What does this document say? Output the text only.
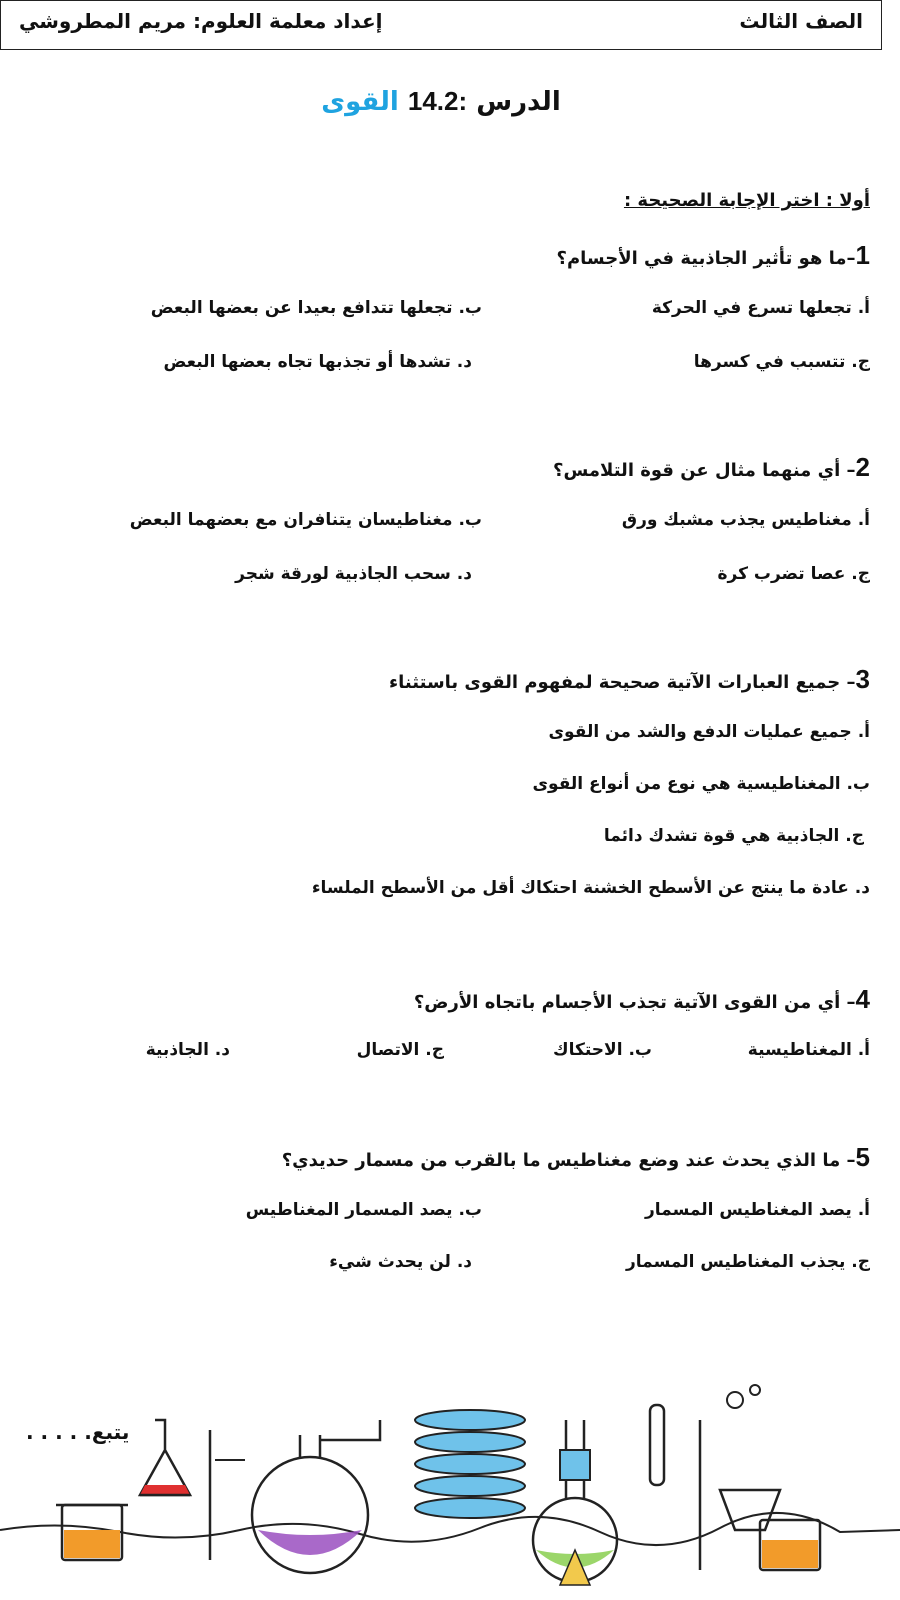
الصف الثالث
إعداد معلمة العلوم: مريم المطروشي
الدرس 14.2: القوى
أولا : اختر الإجابة الصحيحة :
1–ما هو تأثير الجاذبية في الأجسام؟
أ. تجعلها تسرع في الحركة
ب. تجعلها تتدافع بعيدا عن بعضها البعض
ج. تتسبب في كسرها
د. تشدها أو تجذبها تجاه بعضها البعض
2– أي منهما مثال عن قوة التلامس؟
أ. مغناطيس يجذب مشبك ورق
ب. مغناطيسان يتنافران مع بعضهما البعض
ج. عصا تضرب كرة
د. سحب الجاذبية لورقة شجر
3– جميع العبارات الآتية صحيحة لمفهوم القوى باستثناء
أ. جميع عمليات الدفع والشد من القوى
ب. المغناطيسية هي نوع من أنواع القوى
ج. الجاذبية هي قوة تشدك دائما
د. عادة ما ينتج عن الأسطح الخشنة احتكاك أقل من الأسطح الملساء
4– أي من القوى الآتية تجذب الأجسام باتجاه الأرض؟
أ. المغناطيسية
ب. الاحتكاك
ج. الاتصال
د. الجاذبية
5– ما الذي يحدث عند وضع مغناطيس ما بالقرب من مسمار حديدي؟
أ. يصد المغناطيس المسمار
ب. يصد المسمار المغناطيس
ج. يجذب المغناطيس المسمار
د. لن يحدث شيء
يتبع. . . . .
